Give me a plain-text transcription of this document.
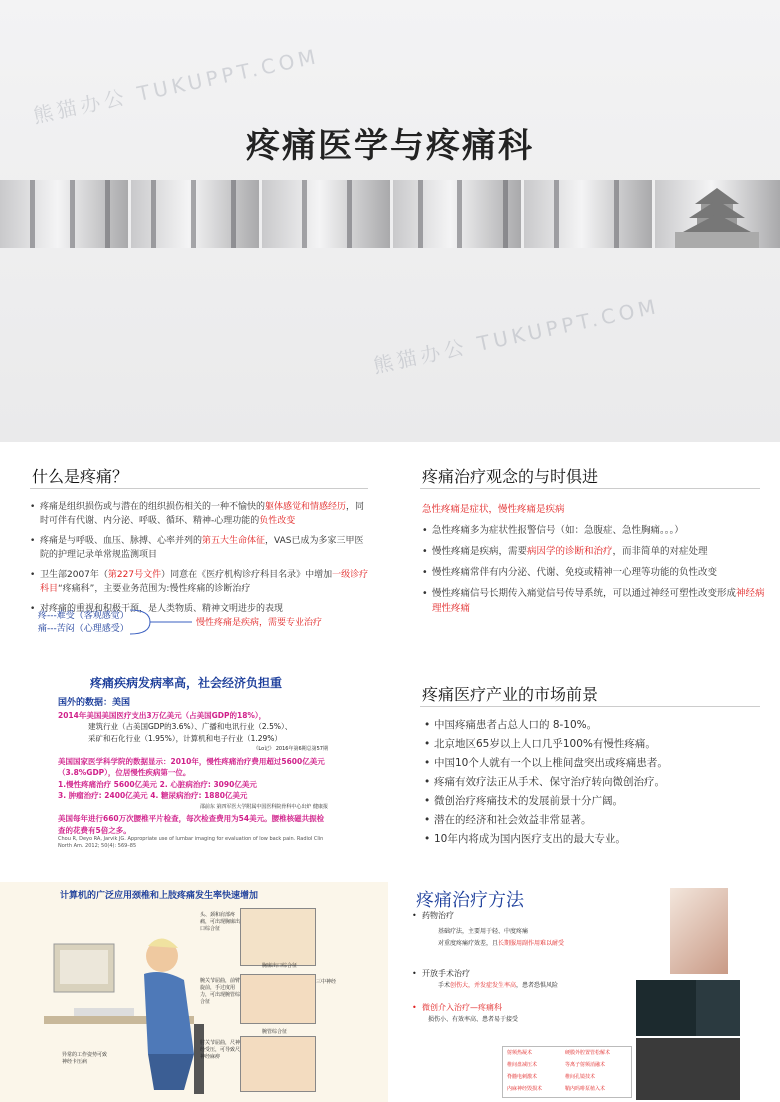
熊猫办公 TUKUPPT.COM
熊猫办公 TUKUPPT.COM
疼痛医学与疼痛科
什么是疼痛？

• 疼痛是组织损伤或与潜在的组织损伤相关的一种不愉快的躯体感觉和情感经历，同时可伴有代谢、内分泌、呼吸、循环、精神-心理功能的负性改变

• 疼痛是与呼吸、血压、脉搏、心率并列的第五大生命体征，VAS已成为多家三甲医院的护理记录单常规监测项目

• 卫生部2007年（第227号文件）同意在《医疗机构诊疗科目名录》中增加一级诊疗科目“疼痛科”，主要业务范围为:慢性疼痛的诊断治疗

• 对疼痛的重视和积极干预，是人类物质、精神文明进步的表现

疼---难受（客观感觉）
痛---苦闷（心理感受）
慢性疼痛是疾病，需要专业治疗
疼痛治疗观念的与时俱进

急性疼痛是症状，慢性疼痛是疾病

• 急性疼痛多为症状性报警信号（如：急腹症、急性胸痛。。。）

• 慢性疼痛是疾病，需要病因学的诊断和治疗，而非简单的对症处理

• 慢性疼痛常伴有内分泌、代谢、免疫或精神一心理等功能的负性改变

• 慢性疼痛信号长期传入痛觉信号传导系统，可以通过神经可塑性改变形成神经病理性疼痛

疼痛疾病发病率高，社会经济负担重
国外的数据：美国
2014年美国美国医疗支出3万亿美元（占美国GDP的18%），
建筑行业（占美国GDP的3.6%）、广播和电讯行业（2.5%）、
采矿和石化行业（1.95%），计算机和电子行业（1.29%）
《Lo记》 2016年第6期总第57期
美国国家医学科学院的数据显示：2010年，慢性疼痛治疗费用超过5600亿美元（3.8%GDP），位居慢性疾病第一位。
1.慢性疼痛治疗 5600亿美元 2. 心脏病治疗: 3090亿美元
3. 肿瘤治疗: 2400亿美元 4. 糖尿病治疗: 1880亿美元
邵前东 第四军医大学附属中国医科院骨科中心出炉 健康报
美国每年进行660万次腰椎平片检查，每次检查费用为54美元。腰椎核磁共振检查的花费有5倍之多。
Chou R, Deyo RA, Jarvik JG. Appropriate use of lumbar imaging for evaluation of low back pain. Radiol Clin North Am. 2012; 50(4): 569–85
疼痛医疗产业的市场前景

• 中国疼痛患者占总人口的 8-10%。

• 北京地区65岁以上人口几乎100%有慢性疼痛。

• 中国10个人就有一个以上椎间盘突出或疼痛患者。

• 疼痛有效疗法正从手术、保守治疗转向微创治疗。

• 微创治疗疼痛技术的发展前景十分广阔。

• 潜在的经济和社会效益非常显著。

• 10年内将成为国内医疗支出的最大专业。

计算机的广泛应用颈椎和上肢疼痛发生率快速增加
头、颈和肩部疼痛，可出现胸廓出口综合征
胸廓出口综合征
腕关节屈曲，前臂旋前，手过度用力，可出现腕管综合征
三中神经
腕管综合征
肘关节屈曲，尺神经受压，可导致尺神经麻痹
异常的工作姿势可致神经卡压病
疼痛治疗方法
• 药物治疗
基础疗法，主要用于轻、中度疼痛
对重度疼痛疗效差，且长期服用副作用难以耐受
• 开放手术治疗
手术创伤大，并发症发生率高，患者恐惧风险
• 微创介入治疗—疼痛科
损伤小、有效率高、患者易于接受
射频热凝术	硬膜外腔置管松解术
椎间盘减压术	等离子射频消融术
脊髓电刺激术	椎间孔镜技术
内麻神经毁损术	鞘内吗啡泵植入术
